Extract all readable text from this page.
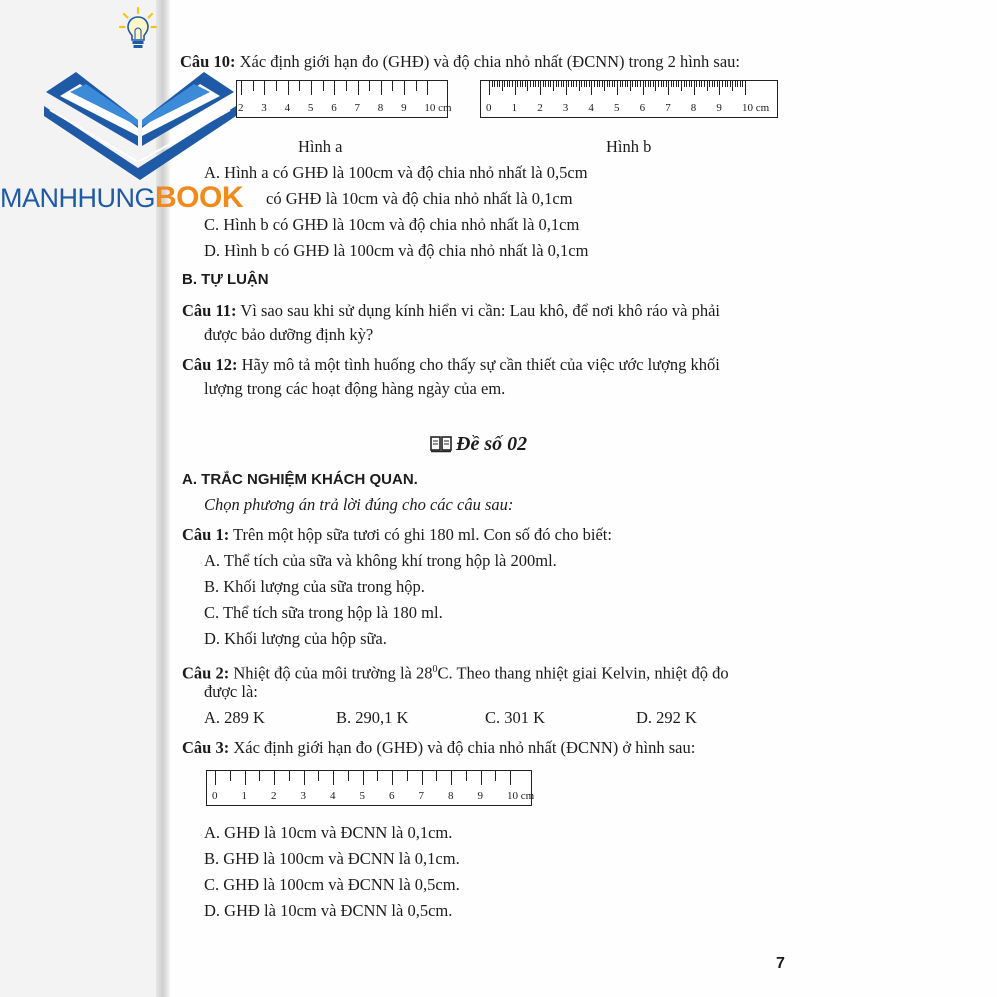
Câu 10: Xác định giới hạn đo (GHĐ) và độ chia nhỏ nhất (ĐCNN) trong 2 hình sau:
2 3 4 5 6 7 8 9 10 cm	0 1 2 3 4 5 6 7 8 9 10 cm
Hình a	Hình b
A. Hình a có GHĐ là 100cm và độ chia nhỏ nhất là 0,5cm
có GHĐ là 10cm và độ chia nhỏ nhất là 0,1cm
C. Hình b có GHĐ là 10cm và độ chia nhỏ nhất là 0,1cm
D. Hình b có GHĐ là 100cm và độ chia nhỏ nhất là 0,1cm
B. TỰ LUẬN
Câu 11: Vì sao sau khi sử dụng kính hiển vi cần: Lau khô, để nơi khô ráo và phải
được bảo dưỡng định kỳ?
Câu 12: Hãy mô tả một tình huống cho thấy sự cần thiết của việc ước lượng khối
lượng trong các hoạt động hàng ngày của em.
Đề số 02
A. TRẮC NGHIỆM KHÁCH QUAN.
Chọn phương án trả lời đúng cho các câu sau:
Câu 1: Trên một hộp sữa tươi có ghi 180 ml. Con số đó cho biết:
A. Thể tích của sữa và không khí trong hộp là 200ml.
B. Khối lượng của sữa trong hộp.
C. Thể tích sữa trong hộp là 180 ml.
D. Khối lượng của hộp sữa.
Câu 2: Nhiệt độ của môi trường là $28^0C$. Theo thang nhiệt giai Kelvin, nhiệt độ đo
được là:
A. 289 K	B. 290,1 K	C. 301 K	D. 292 K
Câu 3: Xác định giới hạn đo (GHĐ) và độ chia nhỏ nhất (ĐCNN) ở hình sau:
0 1 2 3 4 5 6 7 8 9 10 cm
A. GHĐ là 10cm và ĐCNN là 0,1cm.
B. GHĐ là 100cm và ĐCNN là 0,1cm.
C. GHĐ là 100cm và ĐCNN là 0,5cm.
D. GHĐ là 10cm và ĐCNN là 0,5cm.
7
MANHHUNGBOOK
